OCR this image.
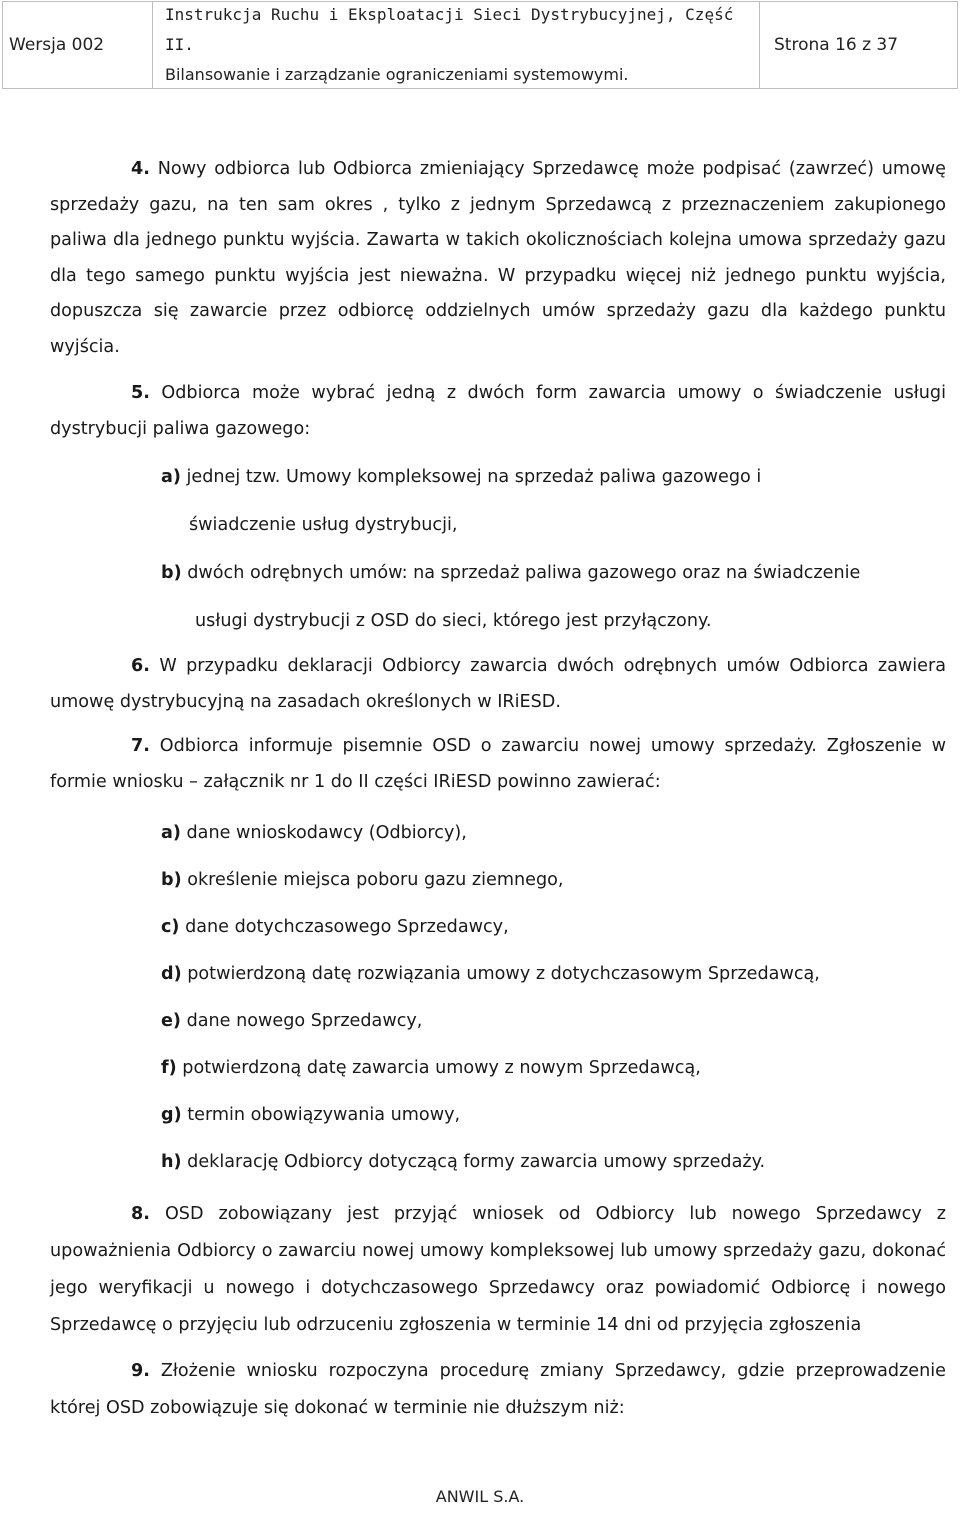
Wersja 002
Instrukcja Ruchu i Eksploatacji Sieci Dystrybucyjnej, Część II.
Bilansowanie i zarządzanie ograniczeniami systemowymi.
Strona 16 z 37

4. Nowy odbiorca lub Odbiorca zmieniający Sprzedawcę może podpisać (zawrzeć) umowę sprzedaży gazu, na ten sam okres , tylko z jednym Sprzedawcą z przeznaczeniem zakupionego paliwa dla jednego punktu wyjścia. Zawarta w takich okolicznościach kolejna umowa sprzedaży gazu dla tego samego punktu wyjścia jest nieważna. W przypadku więcej niż jednego punktu wyjścia, dopuszcza się zawarcie przez odbiorcę oddzielnych umów sprzedaży gazu dla każdego punktu wyjścia.

5. Odbiorca może wybrać jedną z dwóch form zawarcia umowy o świadczenie usługi dystrybucji paliwa gazowego:

a) jednej tzw. Umowy kompleksowej na sprzedaż paliwa gazowego i

świadczenie usług dystrybucji,

b) dwóch odrębnych umów: na sprzedaż paliwa gazowego oraz na świadczenie

usługi dystrybucji z OSD do sieci, którego jest przyłączony.

6. W przypadku deklaracji Odbiorcy zawarcia dwóch odrębnych umów Odbiorca zawiera umowę dystrybucyjną na zasadach określonych w IRiESD.

7. Odbiorca informuje pisemnie OSD o zawarciu nowej umowy sprzedaży. Zgłoszenie w formie wniosku – załącznik nr 1 do II części IRiESD powinno zawierać:

a) dane wnioskodawcy (Odbiorcy),

b) określenie miejsca poboru gazu ziemnego,

c) dane dotychczasowego Sprzedawcy,

d) potwierdzoną datę rozwiązania umowy z dotychczasowym Sprzedawcą,

e) dane nowego Sprzedawcy,

f) potwierdzoną datę zawarcia umowy z nowym Sprzedawcą,

g) termin obowiązywania umowy,

h) deklarację Odbiorcy dotyczącą formy zawarcia umowy sprzedaży.

8. OSD zobowiązany jest przyjąć wniosek od Odbiorcy lub nowego Sprzedawcy z upoważnienia Odbiorcy o zawarciu nowej umowy kompleksowej lub umowy sprzedaży gazu, dokonać jego weryfikacji u nowego i dotychczasowego Sprzedawcy oraz powiadomić Odbiorcę i nowego Sprzedawcę o przyjęciu lub odrzuceniu zgłoszenia w terminie 14 dni od przyjęcia zgłoszenia

9. Złożenie wniosku rozpoczyna procedurę zmiany Sprzedawcy, gdzie przeprowadzenie której OSD zobowiązuje się dokonać w terminie nie dłuższym niż:

ANWIL S.A.
